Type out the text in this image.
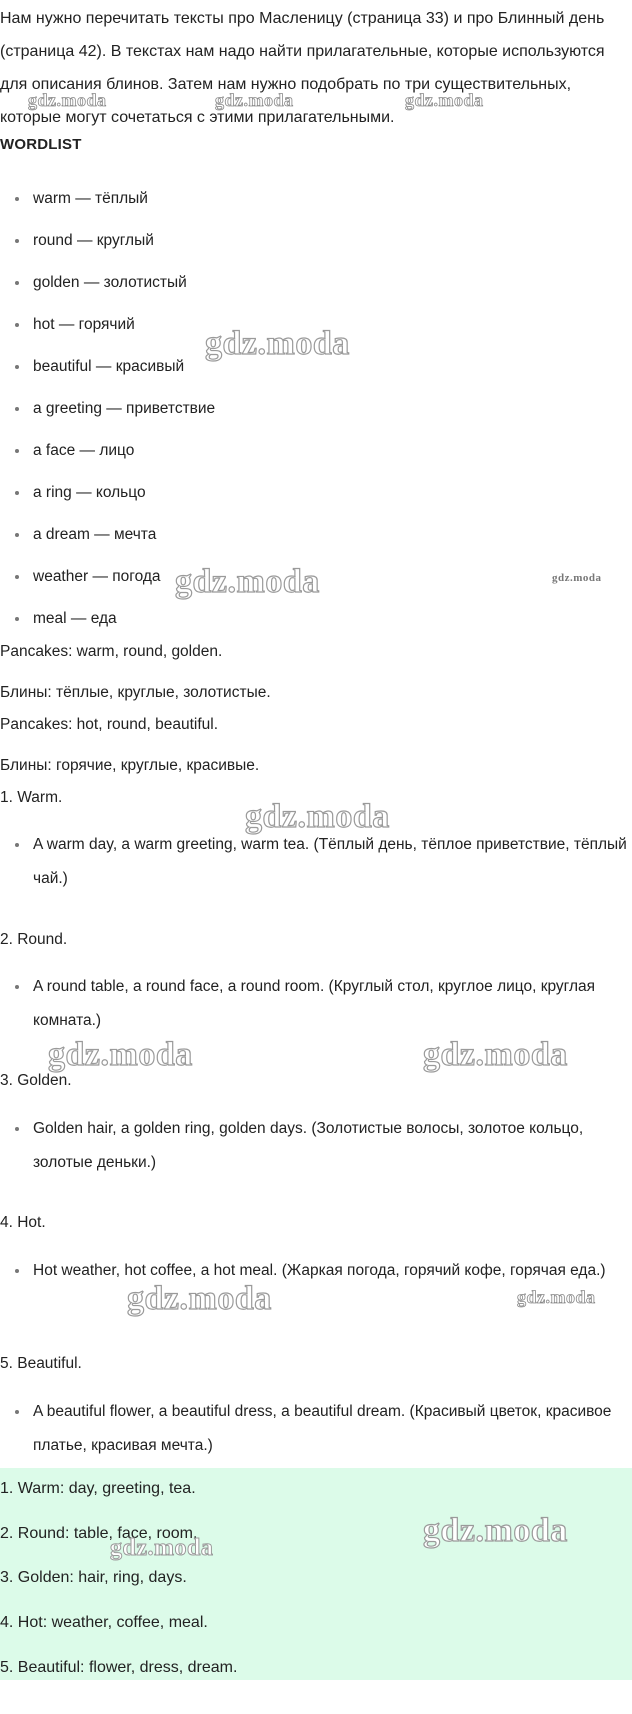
Нам нужно перечитать тексты про Масленицу (страница 33) и про Блинный день (страница 42). В текстах нам надо найти прилагательные, которые используются для описания блинов. Затем нам нужно подобрать по три существительных, которые могут сочетаться с этими прилагательными.
WORDLIST
warm — тёплый
round — круглый
golden — золотистый
hot — горячий
beautiful — красивый
a greeting — приветствие
a face — лицо
a ring — кольцо
a dream — мечта
weather — погода
meal — еда
Pancakes: warm, round, golden.
Блины: тёплые, круглые, золотистые.
Pancakes: hot, round, beautiful.
Блины: горячие, круглые, красивые.
1. Warm.
A warm day, a warm greeting, warm tea. (Тёплый день, тёплое приветствие, тёплый чай.)
2. Round.
A round table, a round face, a round room. (Круглый стол, круглое лицо, круглая комната.)
3. Golden.
Golden hair, a golden ring, golden days. (Золотистые волосы, золотое кольцо, золотые деньки.)
4. Hot.
Hot weather, hot coffee, a hot meal. (Жаркая погода, горячий кофе, горячая еда.)
5. Beautiful.
A beautiful flower, a beautiful dress, a beautiful dream. (Красивый цветок, красивое платье, красивая мечта.)
1. Warm: day, greeting, tea.
2. Round: table, face, room.
3. Golden: hair, ring, days.
4. Hot: weather, coffee, meal.
5. Beautiful: flower, dress, dream.
gdz.moda	gdz.moda	gdz.moda
gdz.moda
gdz.moda	gdz.moda
gdz.moda
gdz.moda	gdz.moda
gdz.moda	gdz.moda
gdz.moda
gdz.moda
